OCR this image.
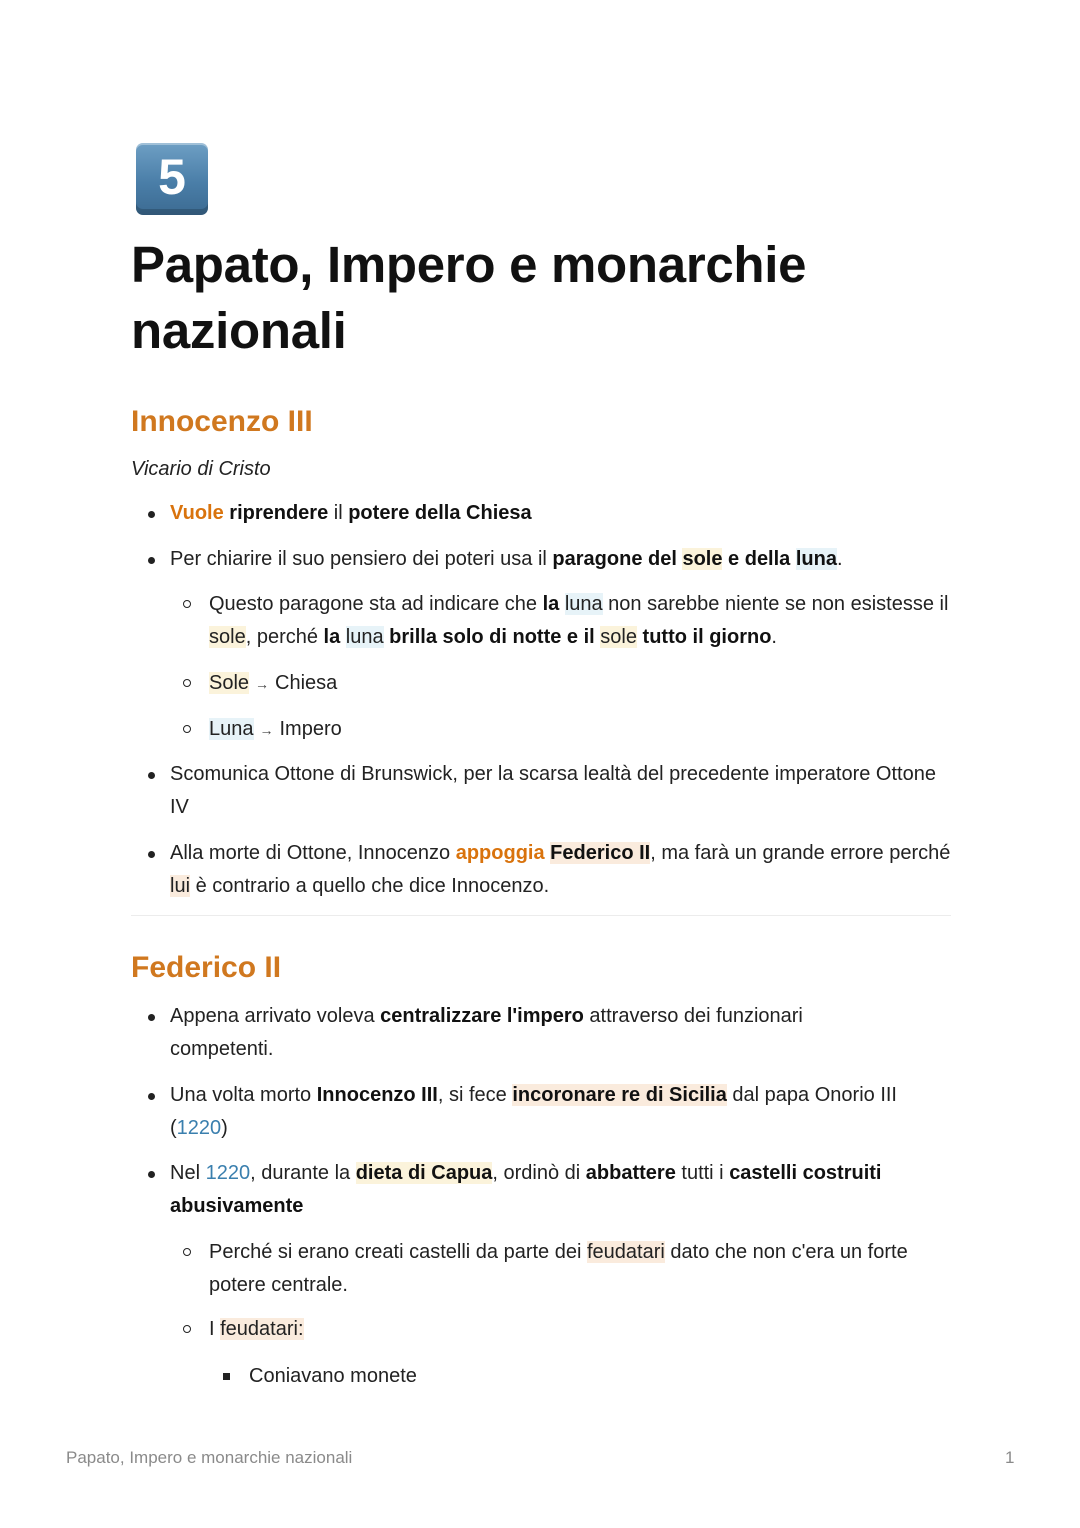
5
Papato, Impero e monarchie
nazionali
Innocenzo III

Vicario di Cristo

Vuole riprendere il potere della Chiesa
Per chiarire il suo pensiero dei poteri usa il paragone del sole e della luna.
Questo paragone sta ad indicare che la luna non sarebbe niente se non esistesse il sole, perché la luna brilla solo di notte e il sole tutto il giorno.
Sole → Chiesa
Luna → Impero
Scomunica Ottone di Brunswick, per la scarsa lealtà del precedente imperatore Ottone IV
Alla morte di Ottone, Innocenzo appoggia Federico II, ma farà un grande errore perché lui è contrario a quello che dice Innocenzo.
Federico II
Appena arrivato voleva centralizzare l'impero attraverso dei funzionari competenti.
Una volta morto Innocenzo III, si fece incoronare re di Sicilia dal papa Onorio III (1220)
Nel 1220, durante la dieta di Capua, ordinò di abbattere tutti i castelli costruiti abusivamente
Perché si erano creati castelli da parte dei feudatari dato che non c'era un forte potere centrale.
I feudatari:
Coniavano monete
Papato, Impero e monarchie nazionali	1
